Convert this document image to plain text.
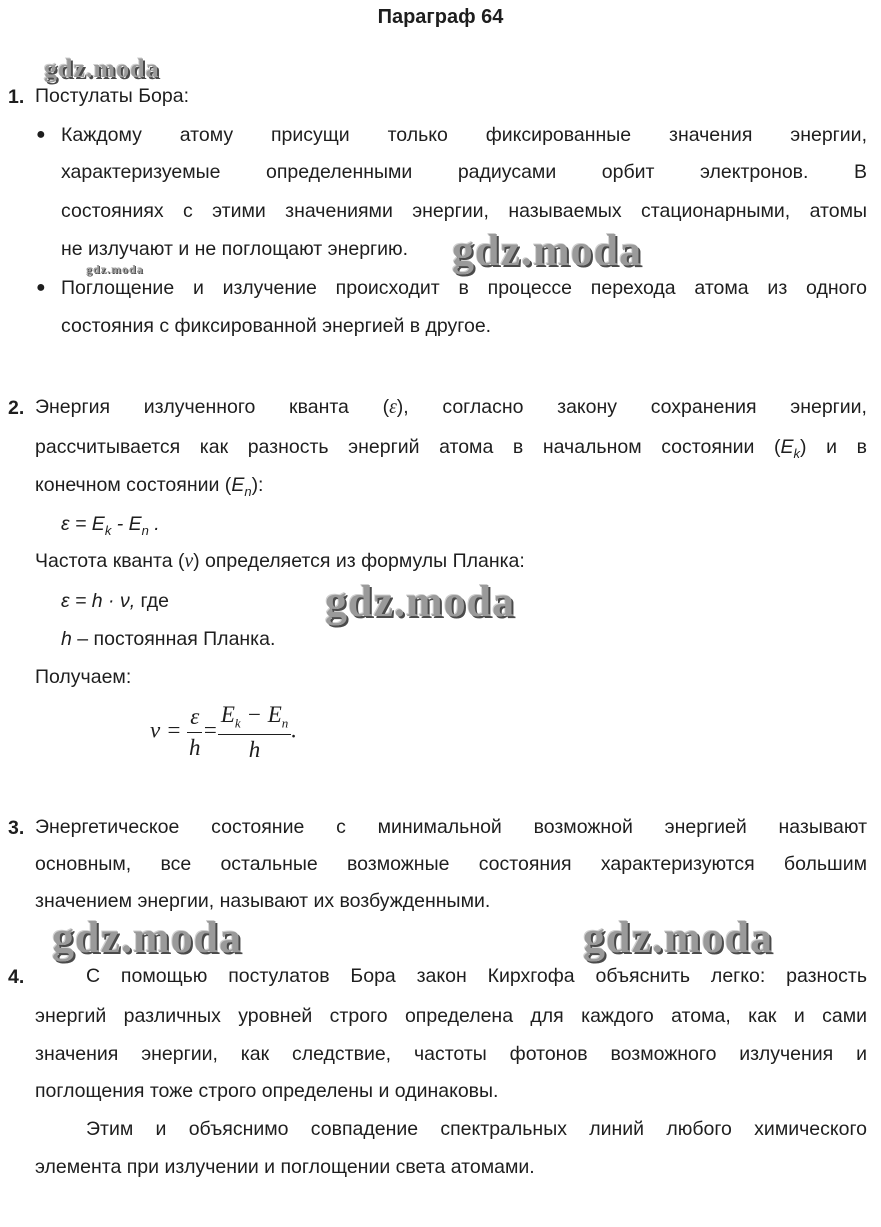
Параграф 64
1. Постулаты Бора:
● Каждому атому присущи только фиксированные значения энергии,
характеризуемые определенными радиусами орбит электронов. В
состояниях с этими значениями энергии, называемых стационарными, атомы
не излучают и не поглощают энергию.
● Поглощение и излучение происходит в процессе перехода атома из одного
состояния с фиксированной энергией в другое.
2. Энергия излученного кванта (ε), согласно закону сохранения энергии,
рассчитывается как разность энергий атома в начальном состоянии $(E_k)$ и в
конечном состоянии $(E_n)$:
$\varepsilon = E_k - E_n$ .
Частота кванта (ν) определяется из формулы Планка:
ε = h · ν, где
h – постоянная Планка.
Получаем:
$\nu = \frac{\varepsilon}{h} = \frac{E_k - E_n}{h}$ .
3. Энергетическое состояние с минимальной возможной энергией называют
основным, все остальные возможные состояния характеризуются большим
значением энергии, называют их возбужденными.
4.	С помощью постулатов Бора закон Кирхгофа объяснить легко: разность
энергий различных уровней строго определена для каждого атома, как и сами
значения энергии, как следствие, частоты фотонов возможного излучения и
поглощения тоже строго определены и одинаковы.
Этим и объяснимо совпадение спектральных линий любого химического
элемента при излучении и поглощении света атомами.
gdz.moda
gdz.moda
gdz.moda
gdz.moda
gdz.moda	gdz.moda
